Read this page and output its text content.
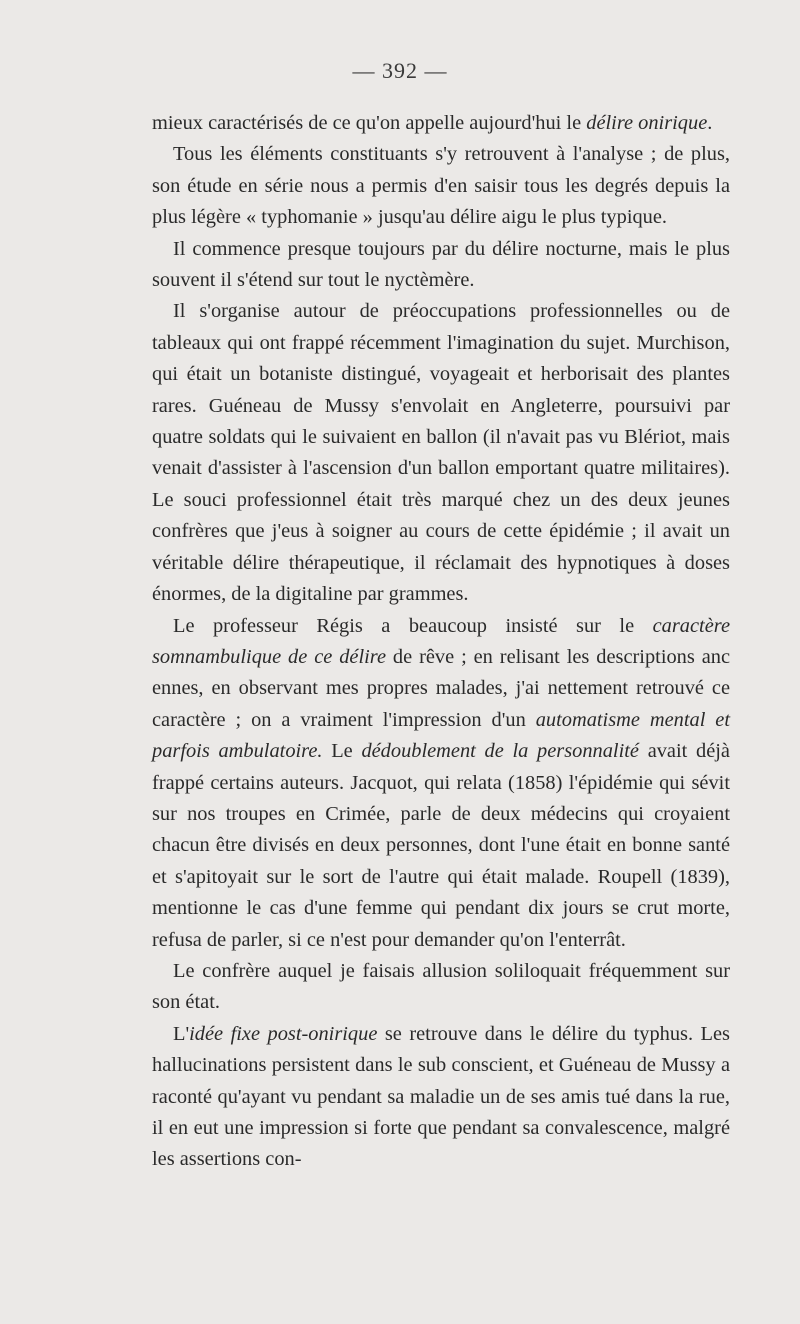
— 392 —

mieux caractérisés de ce qu'on appelle aujourd'hui le délire onirique.

Tous les éléments constituants s'y retrouvent à l'analyse ; de plus, son étude en série nous a permis d'en saisir tous les degrés depuis la plus légère « typhomanie » jusqu'au délire aigu le plus typique.

Il commence presque toujours par du délire nocturne, mais le plus souvent il s'étend sur tout le nyctèmère.

Il s'organise autour de préoccupations professionnelles ou de tableaux qui ont frappé récemment l'imagination du sujet. Murchison, qui était un botaniste distingué, voyageait et herborisait des plantes rares. Guéneau de Mussy s'envolait en Angleterre, poursuivi par quatre soldats qui le suivaient en ballon (il n'avait pas vu Blériot, mais venait d'assister à l'ascension d'un ballon emportant quatre militaires). Le souci professionnel était très marqué chez un des deux jeunes confrères que j'eus à soigner au cours de cette épidémie ; il avait un véritable délire thérapeutique, il réclamait des hypnotiques à doses énormes, de la digitaline par grammes.

Le professeur Régis a beaucoup insisté sur le caractère somnambulique de ce délire de rêve ; en relisant les descriptions anc ennes, en observant mes propres malades, j'ai nettement retrouvé ce caractère ; on a vraiment l'impression d'un automatisme mental et parfois ambulatoire. Le dédoublement de la personnalité avait déjà frappé certains auteurs. Jacquot, qui relata (1858) l'épidémie qui sévit sur nos troupes en Crimée, parle de deux médecins qui croyaient chacun être divisés en deux personnes, dont l'une était en bonne santé et s'apitoyait sur le sort de l'autre qui était malade. Roupell (1839), mentionne le cas d'une femme qui pendant dix jours se crut morte, refusa de parler, si ce n'est pour demander qu'on l'enterrât.

Le confrère auquel je faisais allusion soliloquait fréquemment sur son état.

L'idée fixe post-onirique se retrouve dans le délire du typhus. Les hallucinations persistent dans le sub conscient, et Guéneau de Mussy a raconté qu'ayant vu pendant sa maladie un de ses amis tué dans la rue, il en eut une impression si forte que pendant sa convalescence, malgré les assertions con-
